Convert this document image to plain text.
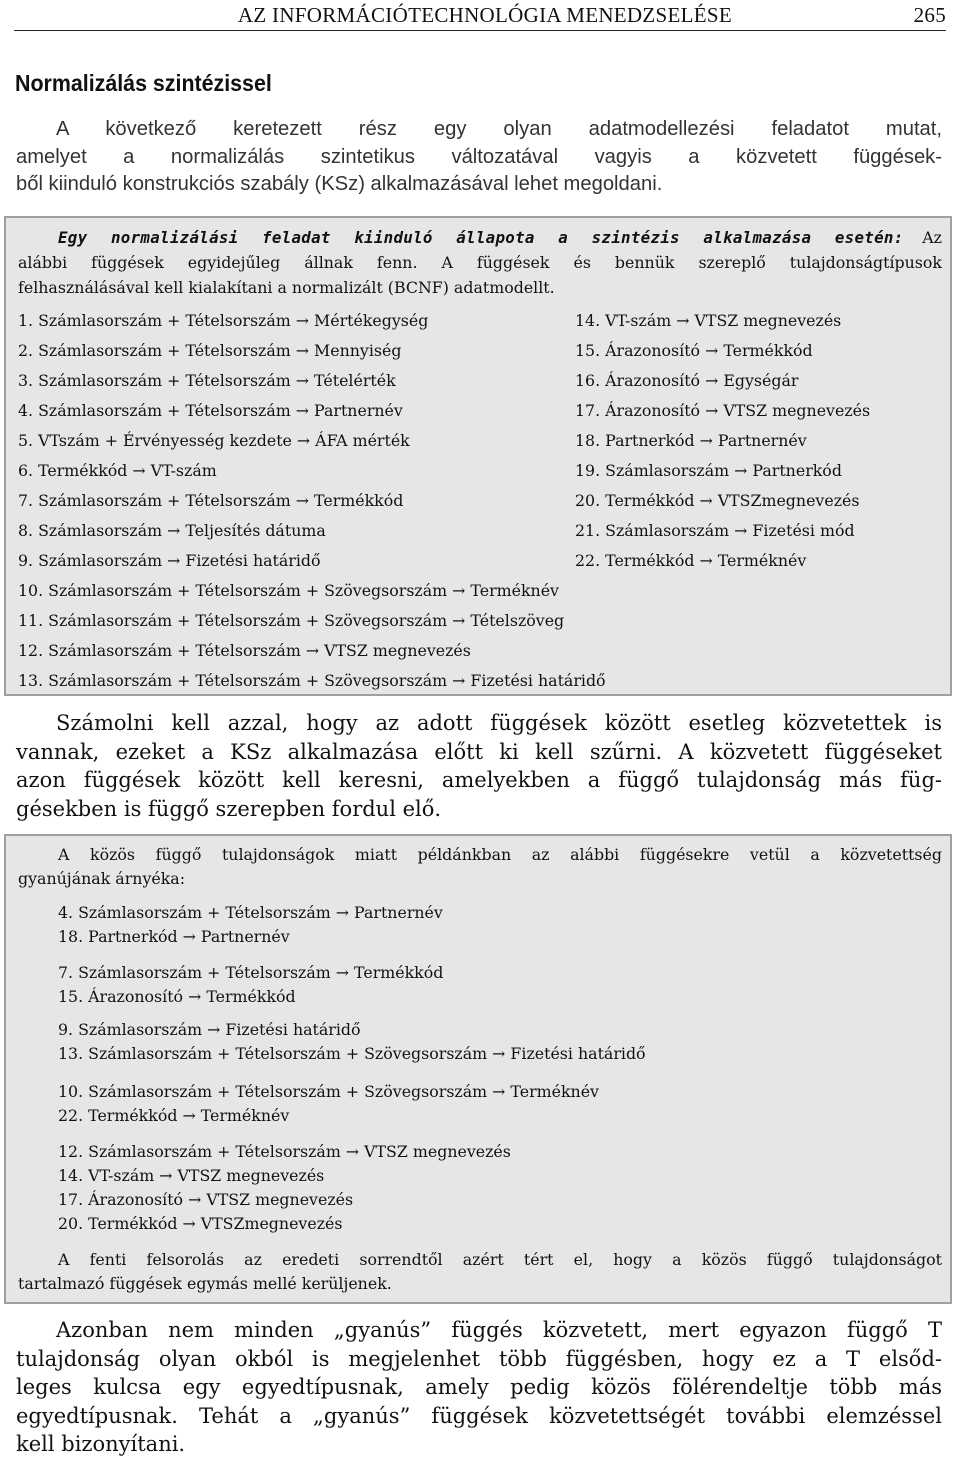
AZ INFORMÁCIÓTECHNOLÓGIA MENEDZSELÉSE	265
Normalizálás szintézissel
A következő keretezett rész egy olyan adatmodellezési feladatot mutat,
amelyet a normalizálás szintetikus változatával vagyis a közvetett függések-
ből kiinduló konstrukciós szabály (KSz) alkalmazásával lehet megoldani.
Egy normalizálási feladat kiinduló állapota a szintézis alkalmazása esetén: Az
alábbi függések egyidejűleg állnak fenn. A függések és bennük szereplő tulajdonságtípusok
felhasználásával kell kialakítani a normalizált (BCNF) adatmodellt.
1. Számlasorszám + Tételsorszám → Mértékegység
2. Számlasorszám + Tételsorszám → Mennyiség
3. Számlasorszám + Tételsorszám → Tételérték
4. Számlasorszám + Tételsorszám → Partnernév
5. VTszám + Érvényesség kezdete → ÁFA mérték
6. Termékkód → VT-szám
7. Számlasorszám + Tételsorszám → Termékkód
8. Számlasorszám → Teljesítés dátuma
9. Számlasorszám → Fizetési határidő
14. VT-szám → VTSZ megnevezés
15. Árazonosító → Termékkód
16. Árazonosító → Egységár
17. Árazonosító → VTSZ megnevezés
18. Partnerkód → Partnernév
19. Számlasorszám → Partnerkód
20. Termékkód → VTSZmegnevezés
21. Számlasorszám → Fizetési mód
22. Termékkód → Terméknév
10. Számlasorszám + Tételsorszám + Szövegsorszám → Terméknév
11. Számlasorszám + Tételsorszám + Szövegsorszám → Tételszöveg
12. Számlasorszám + Tételsorszám → VTSZ megnevezés
13. Számlasorszám + Tételsorszám + Szövegsorszám → Fizetési határidő
Számolni kell azzal, hogy az adott függések között esetleg közvetettek is
vannak, ezeket a KSz alkalmazása előtt ki kell szűrni. A közvetett függéseket
azon függések között kell keresni, amelyekben a függő tulajdonság más füg-
gésekben is függő szerepben fordul elő.
A közös függő tulajdonságok miatt példánkban az alábbi függésekre vetül a közvetettség
gyanújának árnyéka:
4. Számlasorszám + Tételsorszám → Partnernév
18. Partnerkód → Partnernév
7. Számlasorszám + Tételsorszám → Termékkód
15. Árazonosító → Termékkód
9. Számlasorszám → Fizetési határidő
13. Számlasorszám + Tételsorszám + Szövegsorszám → Fizetési határidő
10. Számlasorszám + Tételsorszám + Szövegsorszám → Terméknév
22. Termékkód → Terméknév
12. Számlasorszám + Tételsorszám → VTSZ megnevezés
14. VT-szám → VTSZ megnevezés
17. Árazonosító → VTSZ megnevezés
20. Termékkód → VTSZmegnevezés
A fenti felsorolás az eredeti sorrendtől azért tért el, hogy a közös függő tulajdonságot
tartalmazó függések egymás mellé kerüljenek.
Azonban nem minden „gyanús” függés közvetett, mert egyazon függő T
tulajdonság olyan okból is megjelenhet több függésben, hogy ez a T elsőd-
leges kulcsa egy egyedtípusnak, amely pedig közös fölérendeltje több más
egyedtípusnak. Tehát a „gyanús” függések közvetettségét további elemzéssel
kell bizonyítani.
